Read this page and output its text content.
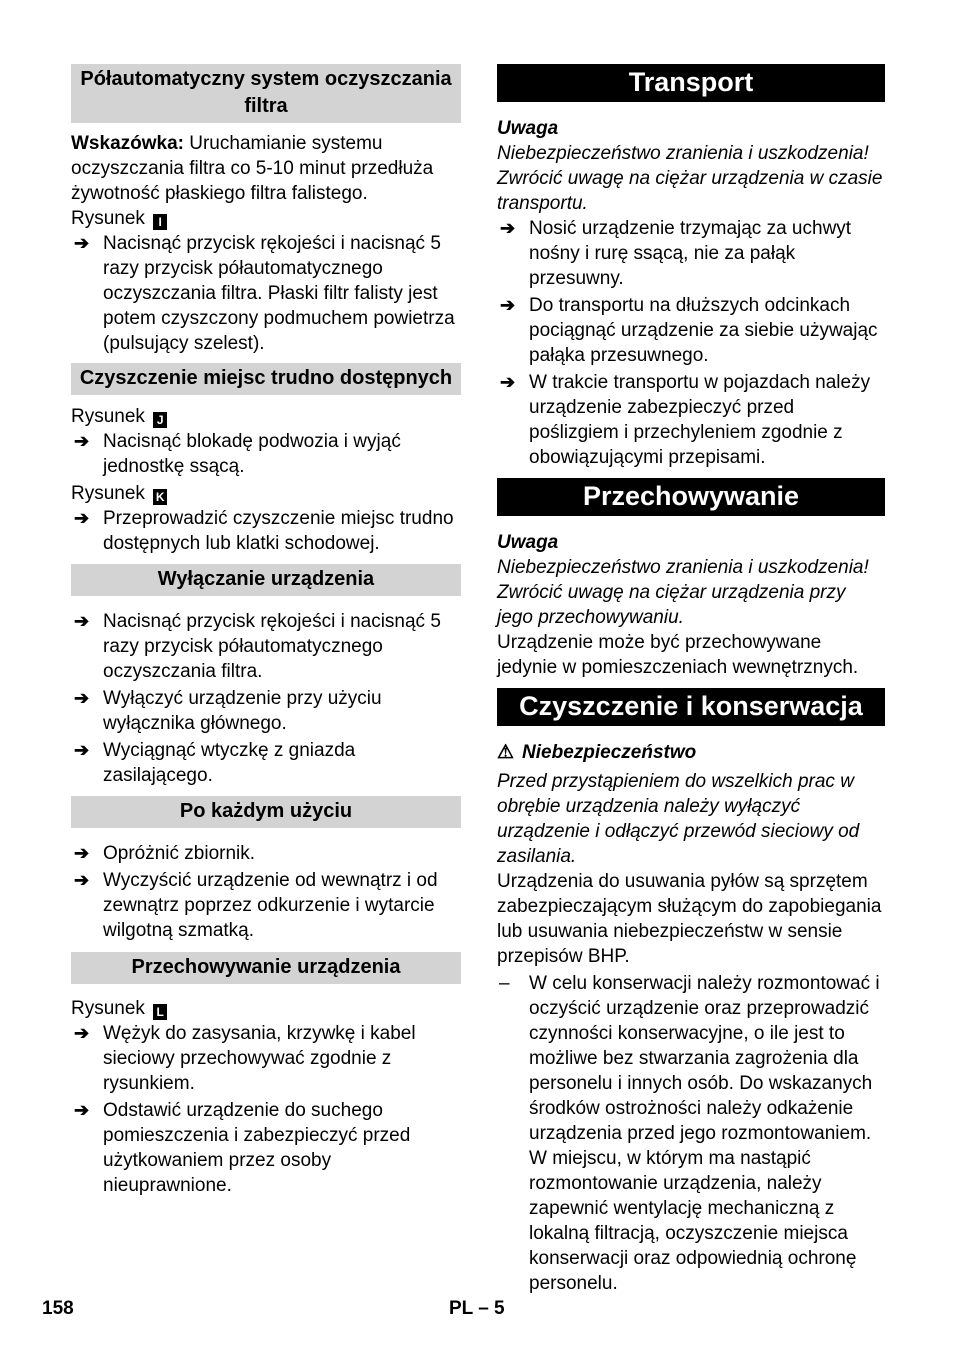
Półautomatyczny system oczyszczania filtra

Wskazówka: Uruchamianie systemu oczyszczania filtra co 5-10 minut przedłuża żywotność płaskiego filtra falistego.

Rysunek I

➔ Nacisnąć przycisk rękojeści i nacisnąć 5 razy przycisk półautomatycznego oczyszczania filtra. Płaski filtr falisty jest potem czyszczony podmuchem powietrza (pulsujący szelest).

Czyszczenie miejsc trudno dostępnych

Rysunek J

➔ Nacisnąć blokadę podwozia i wyjąć jednostkę ssącą.

Rysunek K

➔ Przeprowadzić czyszczenie miejsc trudno dostępnych lub klatki schodowej.

Wyłączanie urządzenia

➔ Nacisnąć przycisk rękojeści i nacisnąć 5 razy przycisk półautomatycznego oczyszczania filtra.

➔ Wyłączyć urządzenie przy użyciu wyłącznika głównego.

➔ Wyciągnąć wtyczkę z gniazda zasilającego.

Po każdym użyciu

➔ Opróżnić zbiornik.

➔ Wyczyścić urządzenie od wewnątrz i od zewnątrz poprzez odkurzenie i wytarcie wilgotną szmatką.

Przechowywanie urządzenia

Rysunek L

➔ Wężyk do zasysania, krzywkę i kabel sieciowy przechowywać zgodnie z rysunkiem.

➔ Odstawić urządzenie do suchego pomieszczenia i zabezpieczyć przed użytkowaniem przez osoby nieuprawnione.

Transport

Uwaga

Niebezpieczeństwo zranienia i uszkodzenia! Zwrócić uwagę na ciężar urządzenia w czasie transportu.

➔ Nosić urządzenie trzymając za uchwyt nośny i rurę ssącą, nie za pałąk przesuwny.

➔ Do transportu na dłuższych odcinkach pociągnąć urządzenie za siebie używając pałąka przesuwnego.

➔ W trakcie transportu w pojazdach należy urządzenie zabezpieczyć przed poślizgiem i przechyleniem zgodnie z obowiązującymi przepisami.

Przechowywanie

Uwaga

Niebezpieczeństwo zranienia i uszkodzenia! Zwrócić uwagę na ciężar urządzenia przy jego przechowywaniu.

Urządzenie może być przechowywane jedynie w pomieszczeniach wewnętrznych.

Czyszczenie i konserwacja

⚠ Niebezpieczeństwo

Przed przystąpieniem do wszelkich prac w obrębie urządzenia należy wyłączyć urządzenie i odłączyć przewód sieciowy od zasilania.

Urządzenia do usuwania pyłów są sprzętem zabezpieczającym służącym do zapobiegania lub usuwania niebezpieczeństw w sensie przepisów BHP.

– W celu konserwacji należy rozmontować i oczyścić urządzenie oraz przeprowadzić czynności konserwacyjne, o ile jest to możliwe bez stwarzania zagrożenia dla personelu i innych osób. Do wskazanych środków ostrożności należy odkażenie urządzenia przed jego rozmontowaniem. W miejscu, w którym ma nastąpić rozmontowanie urządzenia, należy zapewnić wentylację mechaniczną z lokalną filtracją, oczyszczenie miejsca konserwacji oraz odpowiednią ochronę personelu.

158	PL – 5
